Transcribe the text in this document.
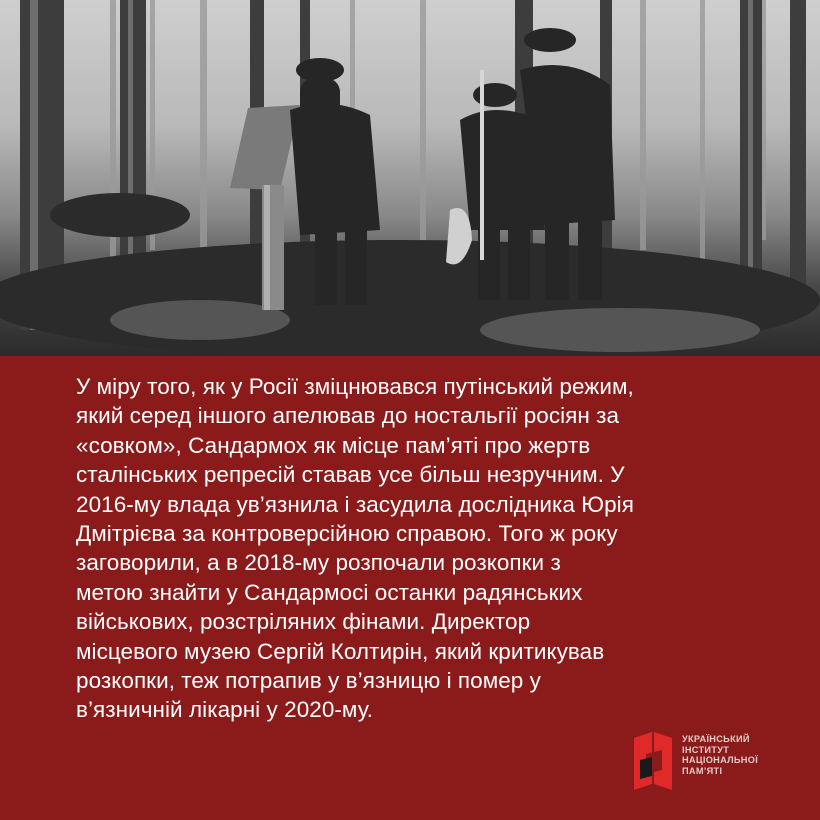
У міру того, як у Росії зміцнювався путінський режим,
який серед іншого апелював до ностальгії росіян за
«совком», Сандармох як місце пам’яті про жертв
сталінських репресій ставав усе більш незручним. У
2016-му влада ув’язнила і засудила дослідника Юрія
Дмітрієва за контроверсійною справою. Того ж року
заговорили, а в 2018-му розпочали розкопки з
метою знайти у Сандармосі останки радянських
військових, розстріляних фінами. Директор
місцевого музею Сергій Колтирін, який критикував
розкопки, теж потрапив у в’язницю і помер у
в’язничній лікарні у 2020-му.

УКРАЇНСЬКИЙ
ІНСТИТУТ
НАЦІОНАЛЬНОЇ
ПАМ’ЯТІ
